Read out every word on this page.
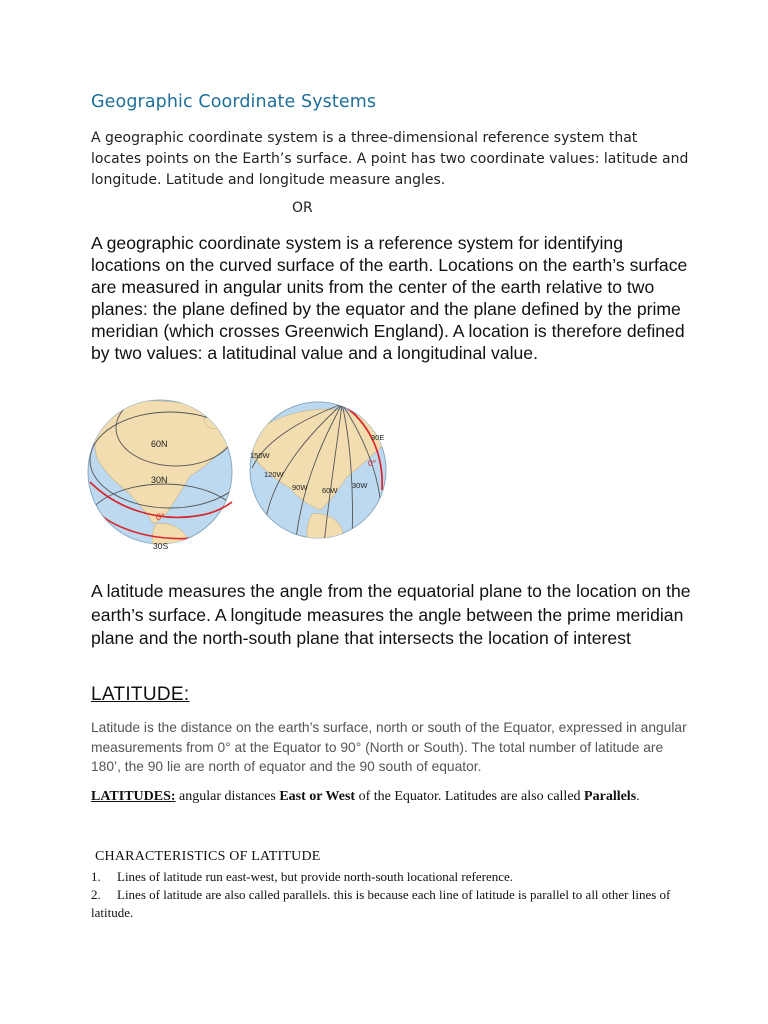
Geographic Coordinate Systems
A geographic coordinate system is a three-dimensional reference system that locates points on the Earth’s surface. A point has two coordinate values: latitude and longitude. Latitude and longitude measure angles.
OR
A geographic coordinate system is a reference system for identifying locations on the curved surface of the earth. Locations on the earth’s surface are measured in angular units from the center of the earth relative to two planes: the plane defined by the equator and the plane defined by the prime meridian (which crosses Greenwich England). A location is therefore defined by two values: a latitudinal value and a longitudinal value.
60N
30N
0°
30S
30E
150W
120W
0°
90W 60W
30W
A latitude measures the angle from the equatorial plane to the location on the earth’s surface. A longitude measures the angle between the prime meridian plane and the north-south plane that intersects the location of interest
LATITUDE:
Latitude is the distance on the earth’s surface, north or south of the Equator, expressed in angular measurements from 0° at the Equator to 90° (North or South). The total number of latitude are 180’, the 90 lie are north of equator and the 90 south of equator.
LATITUDES: angular distances East or West of the Equator. Latitudes are also called Parallels.
CHARACTERISTICS OF LATITUDE
1. Lines of latitude run east-west, but provide north-south locational reference.
2. Lines of latitude are also called parallels. this is because each line of latitude is parallel to all other lines of latitude.
